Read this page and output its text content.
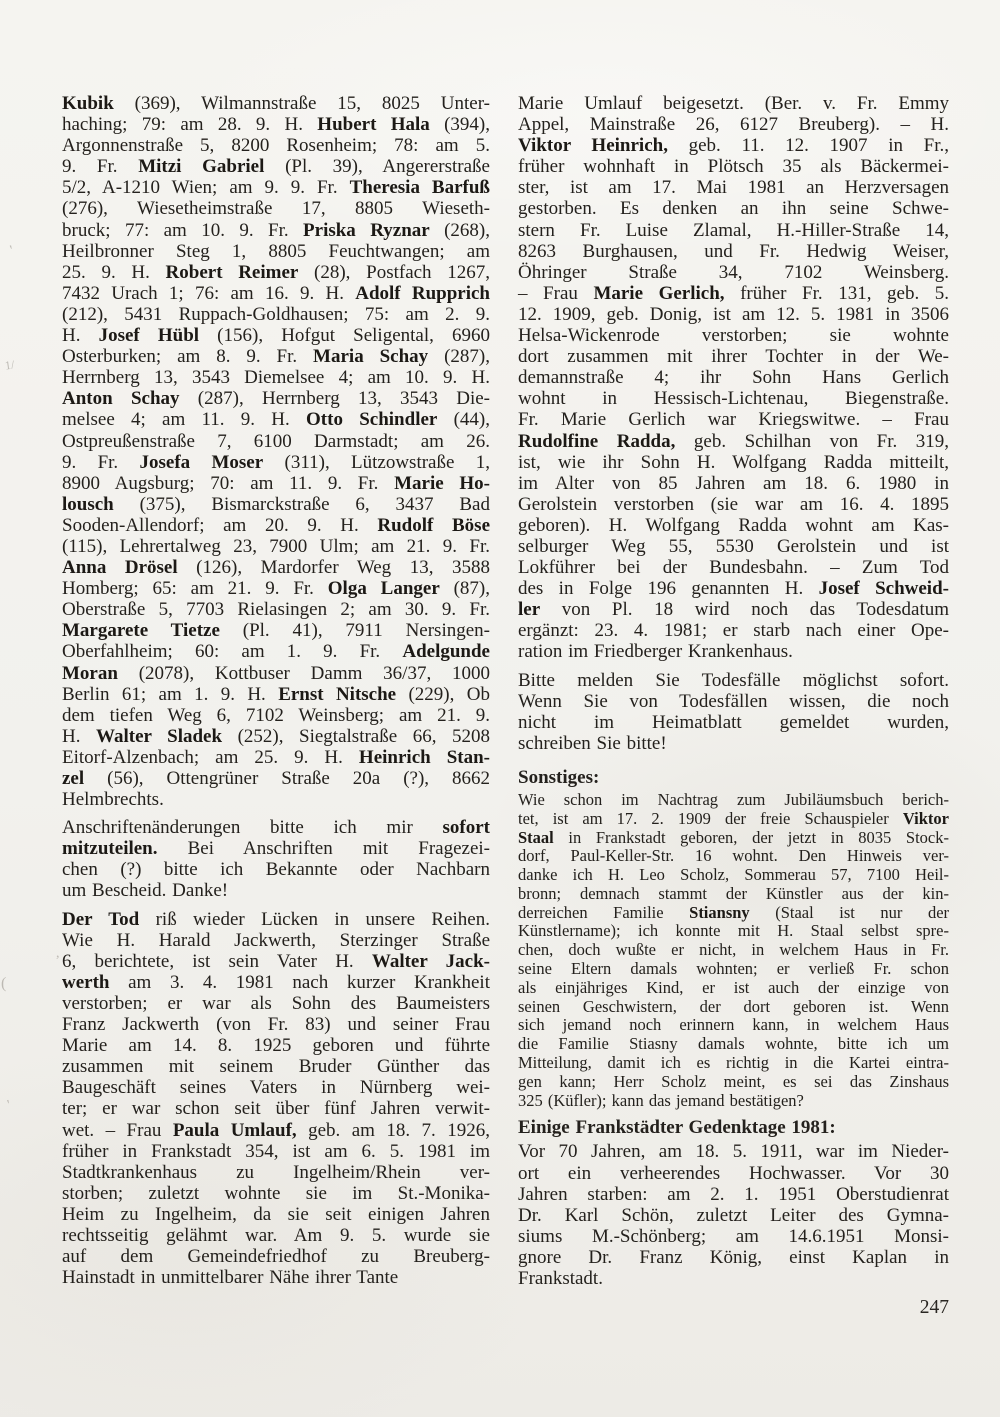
Kubik (369), Wilmannstraße 15, 8025 Unter-
haching; 79: am 28. 9. H. Hubert Hala (394),
Argonnenstraße 5, 8200 Rosenheim; 78: am 5.
9. Fr. Mitzi Gabriel (Pl. 39), Angererstraße
5/2, A-1210 Wien; am 9. 9. Fr. Theresia Barfuß
(276), Wiesetheimstraße 17, 8805 Wieseth-
bruck; 77: am 10. 9. Fr. Priska Ryznar (268),
Heilbronner Steg 1, 8805 Feuchtwangen; am
25. 9. H. Robert Reimer (28), Postfach 1267,
7432 Urach 1; 76: am 16. 9. H. Adolf Rupprich
(212), 5431 Ruppach-Goldhausen; 75: am 2. 9.
H. Josef Hübl (156), Hofgut Seligental, 6960
Osterburken; am 8. 9. Fr. Maria Schay (287),
Herrnberg 13, 3543 Diemelsee 4; am 10. 9. H.
Anton Schay (287), Herrnberg 13, 3543 Die-
melsee 4; am 11. 9. H. Otto Schindler (44),
Ostpreußenstraße 7, 6100 Darmstadt; am 26.
9. Fr. Josefa Moser (311), Lützowstraße 1,
8900 Augsburg; 70: am 11. 9. Fr. Marie Ho-
lousch (375), Bismarckstraße 6, 3437 Bad
Sooden-Allendorf; am 20. 9. H. Rudolf Böse
(115), Lehrertalweg 23, 7900 Ulm; am 21. 9. Fr.
Anna Drösel (126), Mardorfer Weg 13, 3588
Homberg; 65: am 21. 9. Fr. Olga Langer (87),
Oberstraße 5, 7703 Rielasingen 2; am 30. 9. Fr.
Margarete Tietze (Pl. 41), 7911 Nersingen-
Oberfahlheim; 60: am 1. 9. Fr. Adelgunde
Moran (2078), Kottbuser Damm 36/37, 1000
Berlin 61; am 1. 9. H. Ernst Nitsche (229), Ob
dem tiefen Weg 6, 7102 Weinsberg; am 21. 9.
H. Walter Sladek (252), Siegtalstraße 66, 5208
Eitorf-Alzenbach; am 25. 9. H. Heinrich Stan-
zel (56), Ottengrüner Straße 20a (?), 8662
Helmbrechts.
Anschriftenänderungen bitte ich mir sofort
mitzuteilen. Bei Anschriften mit Fragezei-
chen (?) bitte ich Bekannte oder Nachbarn
um Bescheid. Danke!
Der Tod riß wieder Lücken in unsere Reihen.
Wie H. Harald Jackwerth, Sterzinger Straße
6, berichtete, ist sein Vater H. Walter Jack-
werth am 3. 4. 1981 nach kurzer Krankheit
verstorben; er war als Sohn des Baumeisters
Franz Jackwerth (von Fr. 83) und seiner Frau
Marie am 14. 8. 1925 geboren und führte
zusammen mit seinem Bruder Günther das
Baugeschäft seines Vaters in Nürnberg wei-
ter; er war schon seit über fünf Jahren verwit-
wet. – Frau Paula Umlauf, geb. am 18. 7. 1926,
früher in Frankstadt 354, ist am 6. 5. 1981 im
Stadtkrankenhaus zu Ingelheim/Rhein ver-
storben; zuletzt wohnte sie im St.-Monika-
Heim zu Ingelheim, da sie seit einigen Jahren
rechtsseitig gelähmt war. Am 9. 5. wurde sie
auf dem Gemeindefriedhof zu Breuberg-
Hainstadt in unmittelbarer Nähe ihrer Tante
Marie Umlauf beigesetzt. (Ber. v. Fr. Emmy
Appel, Mainstraße 26, 6127 Breuberg). – H.
Viktor Heinrich, geb. 11. 12. 1907 in Fr.,
früher wohnhaft in Plötsch 35 als Bäckermei-
ster, ist am 17. Mai 1981 an Herzversagen
gestorben. Es denken an ihn seine Schwe-
stern Fr. Luise Zlamal, H.-Hiller-Straße 14,
8263 Burghausen, und Fr. Hedwig Weiser,
Öhringer Straße 34, 7102 Weinsberg.
– Frau Marie Gerlich, früher Fr. 131, geb. 5.
12. 1909, geb. Donig, ist am 12. 5. 1981 in 3506
Helsa-Wickenrode verstorben; sie wohnte
dort zusammen mit ihrer Tochter in der We-
demannstraße 4; ihr Sohn Hans Gerlich
wohnt in Hessisch-Lichtenau, Biegenstraße.
Fr. Marie Gerlich war Kriegswitwe. – Frau
Rudolfine Radda, geb. Schilhan von Fr. 319,
ist, wie ihr Sohn H. Wolfgang Radda mitteilt,
im Alter von 85 Jahren am 18. 6. 1980 in
Gerolstein verstorben (sie war am 16. 4. 1895
geboren). H. Wolfgang Radda wohnt am Kas-
selburger Weg 55, 5530 Gerolstein und ist
Lokführer bei der Bundesbahn. – Zum Tod
des in Folge 196 genannten H. Josef Schweid-
ler von Pl. 18 wird noch das Todesdatum
ergänzt: 23. 4. 1981; er starb nach einer Ope-
ration im Friedberger Krankenhaus.
Bitte melden Sie Todesfälle möglichst sofort.
Wenn Sie von Todesfällen wissen, die noch
nicht im Heimatblatt gemeldet wurden,
schreiben Sie bitte!
Sonstiges:
Wie schon im Nachtrag zum Jubiläumsbuch berich-
tet, ist am 17. 2. 1909 der freie Schauspieler Viktor
Staal in Frankstadt geboren, der jetzt in 8035 Stock-
dorf, Paul-Keller-Str. 16 wohnt. Den Hinweis ver-
danke ich H. Leo Scholz, Sommerau 57, 7100 Heil-
bronn; demnach stammt der Künstler aus der kin-
derreichen Familie Stiansny (Staal ist nur der
Künstlername); ich konnte mit H. Staal selbst spre-
chen, doch wußte er nicht, in welchem Haus in Fr.
seine Eltern damals wohnten; er verließ Fr. schon
als einjähriges Kind, er ist auch der einzige von
seinen Geschwistern, der dort geboren ist. Wenn
sich jemand noch erinnern kann, in welchem Haus
die Familie Stiasny damals wohnte, bitte ich um
Mitteilung, damit ich es richtig in die Kartei eintra-
gen kann; Herr Scholz meint, es sei das Zinshaus
325 (Küfler); kann das jemand bestätigen?
Einige Frankstädter Gedenktage 1981:
Vor 70 Jahren, am 18. 5. 1911, war im Nieder-
ort ein verheerendes Hochwasser. Vor 30
Jahren starben: am 2. 1. 1951 Oberstudienrat
Dr. Karl Schön, zuletzt Leiter des Gymna-
siums M.-Schönberg; am 14.6.1951 Monsi-
gnore Dr. Franz König, einst Kaplan in
Frankstadt.
247
'
1/
,
(
'
